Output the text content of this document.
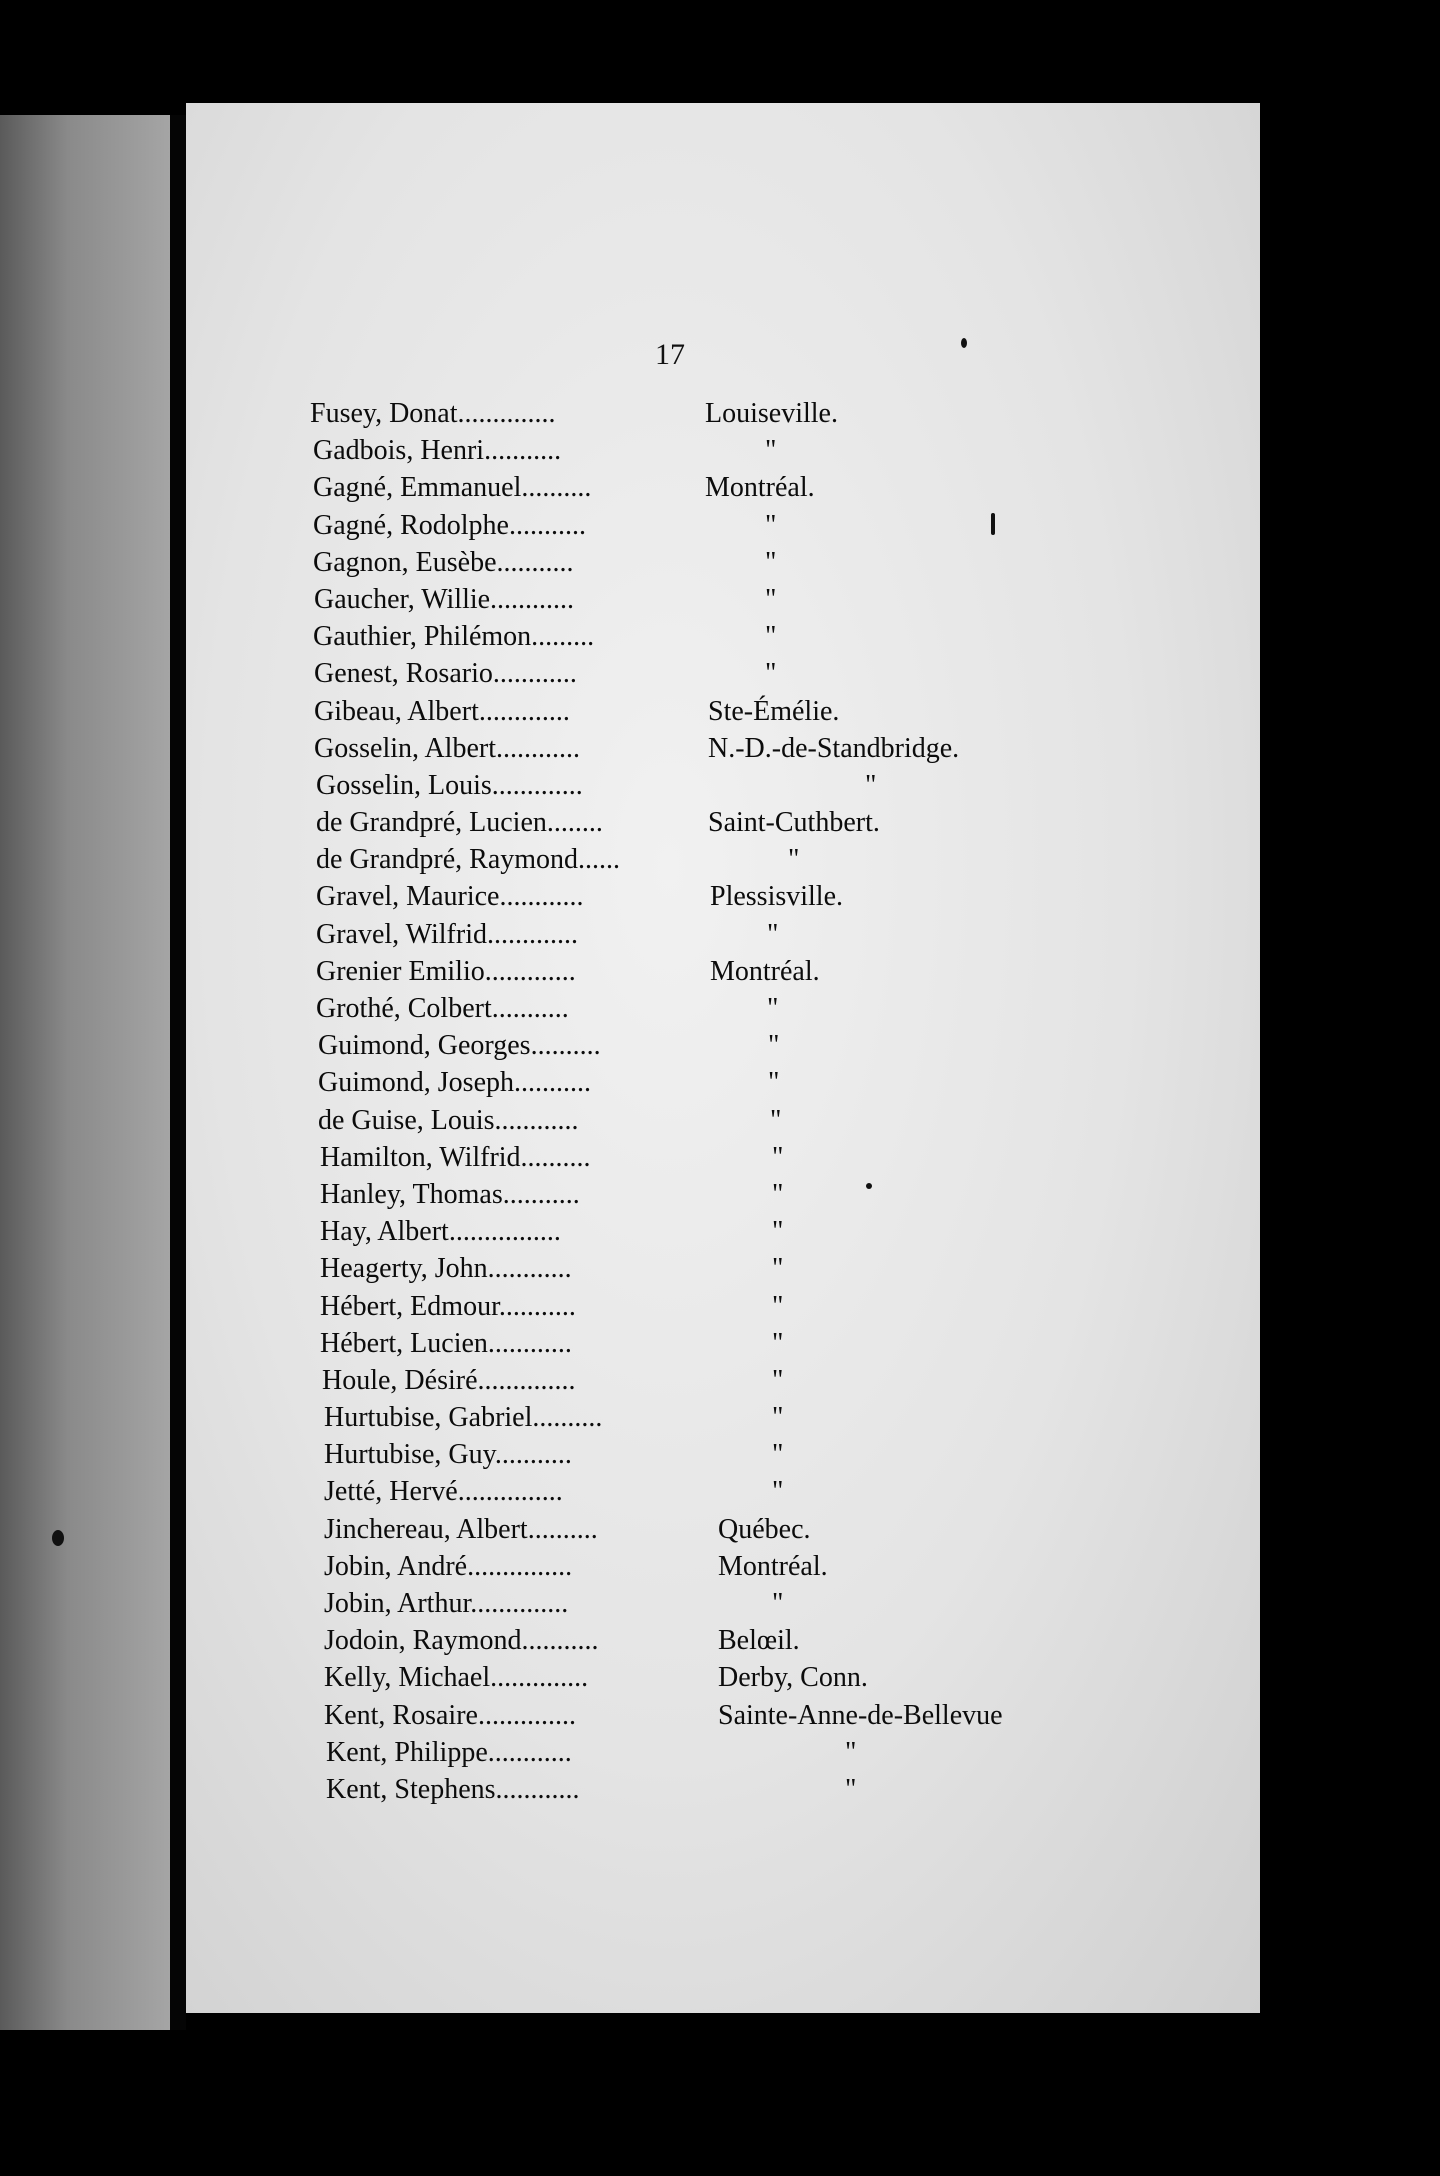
17
Fusey, Donat..............	Louiseville.
Gadbois, Henri...........	"
Gagné, Emmanuel..........	Montréal.
Gagné, Rodolphe...........	"
Gagnon, Eusèbe...........	"
Gaucher, Willie............	"
Gauthier, Philémon.........	"
Genest, Rosario............	"
Gibeau, Albert.............	Ste-Émélie.
Gosselin, Albert............	N.-D.-de-Standbridge.
Gosselin, Louis.............	"
de Grandpré, Lucien........	Saint-Cuthbert.
de Grandpré, Raymond......	"
Gravel, Maurice............	Plessisville.
Gravel, Wilfrid.............	"
Grenier Emilio.............	Montréal.
Grothé, Colbert...........	"
Guimond, Georges..........	"
Guimond, Joseph...........	"
de Guise, Louis............	"
Hamilton, Wilfrid..........	"
Hanley, Thomas...........	"
Hay, Albert................	"
Heagerty, John............	"
Hébert, Edmour...........	"
Hébert, Lucien............	"
Houle, Désiré..............	"
Hurtubise, Gabriel..........	"
Hurtubise, Guy...........	"
Jetté, Hervé...............	"
Jinchereau, Albert..........	Québec.
Jobin, André...............	Montréal.
Jobin, Arthur..............	"
Jodoin, Raymond...........	Belœil.
Kelly, Michael..............	Derby, Conn.
Kent, Rosaire..............	Sainte-Anne-de-Bellevue
Kent, Philippe............	"
Kent, Stephens............	"
